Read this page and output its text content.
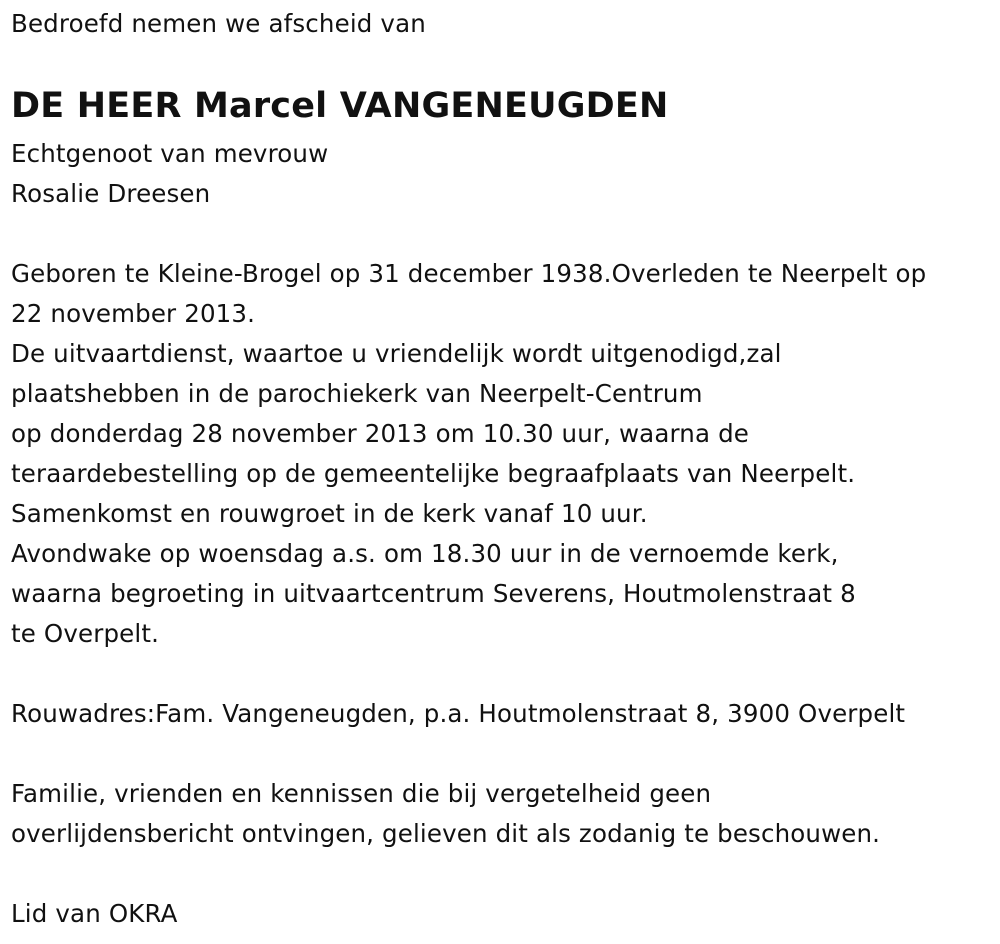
Bedroefd nemen we afscheid van
DE HEER Marcel VANGENEUGDEN
Echtgenoot van mevrouw
Rosalie Dreesen
Geboren te Kleine-Brogel op 31 december 1938.Overleden te Neerpelt op
22 november 2013.
De uitvaartdienst, waartoe u vriendelijk wordt uitgenodigd,zal
plaatshebben in de parochiekerk van Neerpelt-Centrum
op donderdag 28 november 2013 om 10.30 uur, waarna de
teraardebestelling op de gemeentelijke begraafplaats van Neerpelt.
Samenkomst en rouwgroet in de kerk vanaf 10 uur.
Avondwake op woensdag a.s. om 18.30 uur in de vernoemde kerk,
waarna begroeting in uitvaartcentrum Severens, Houtmolenstraat 8
te Overpelt.
Rouwadres:Fam. Vangeneugden, p.a. Houtmolenstraat 8, 3900 Overpelt
Familie, vrienden en kennissen die bij vergetelheid geen
overlijdensbericht ontvingen, gelieven dit als zodanig te beschouwen.
Lid van OKRA
